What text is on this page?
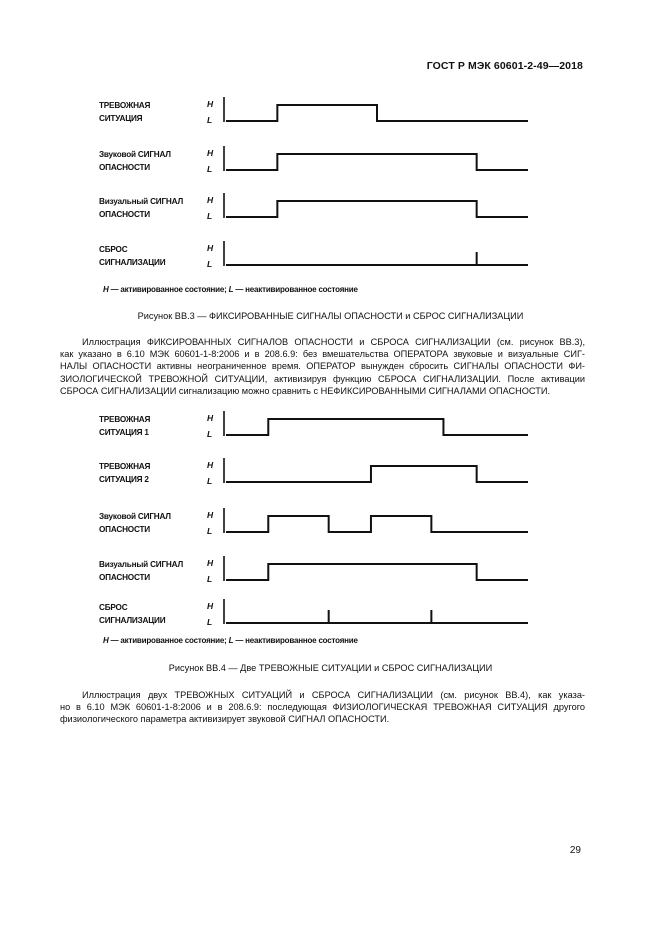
ГОСТ Р МЭК 60601-2-49—2018
ТРЕВОЖНАЯ
СИТУАЦИЯ
H
L
Звуковой СИГНАЛ
ОПАСНОСТИ
H
L
Визуальный СИГНАЛ
ОПАСНОСТИ
H
L
СБРОС
СИГНАЛИЗАЦИИ
H
L
H — активированное состояние; L — неактивированное состояние
Рисунок ВВ.3 — ФИКСИРОВАННЫЕ СИГНАЛЫ ОПАСНОСТИ и СБРОС СИГНАЛИЗАЦИИ
Иллюстрация ФИКСИРОВАННЫХ СИГНАЛОВ ОПАСНОСТИ и СБРОСА СИГНАЛИЗАЦИИ (см. рисунок ВВ.3),
как указано в 6.10 МЭК 60601-1-8:2006 и в 208.6.9: без вмешательства ОПЕРАТОРА звуковые и визуальные СИГ-
НАЛЫ ОПАСНОСТИ активны неограниченное время. ОПЕРАТОР вынужден сбросить СИГНАЛЫ ОПАСНОСТИ ФИ-
ЗИОЛОГИЧЕСКОЙ ТРЕВОЖНОЙ СИТУАЦИИ, активизируя функцию СБРОСА СИГНАЛИЗАЦИИ. После активации
СБРОСА СИГНАЛИЗАЦИИ сигнализацию можно сравнить с НЕФИКСИРОВАННЫМИ СИГНАЛАМИ ОПАСНОСТИ.
ТРЕВОЖНАЯ
СИТУАЦИЯ 1
H
L
ТРЕВОЖНАЯ
СИТУАЦИЯ 2
H
L
Звуковой СИГНАЛ
ОПАСНОСТИ
H
L
Визуальный СИГНАЛ
ОПАСНОСТИ
H
L
СБРОС
СИГНАЛИЗАЦИИ
H
L
H — активированное состояние; L — неактивированное состояние
Рисунок ВВ.4 — Две ТРЕВОЖНЫЕ СИТУАЦИИ и СБРОС СИГНАЛИЗАЦИИ
Иллюстрация двух ТРЕВОЖНЫХ СИТУАЦИЙ и СБРОСА СИГНАЛИЗАЦИИ (см. рисунок ВВ.4), как указа-
но в 6.10 МЭК 60601-1-8:2006 и в 208.6.9: последующая ФИЗИОЛОГИЧЕСКАЯ ТРЕВОЖНАЯ СИТУАЦИЯ другого
физиологического параметра активизирует звуковой СИГНАЛ ОПАСНОСТИ.
29
